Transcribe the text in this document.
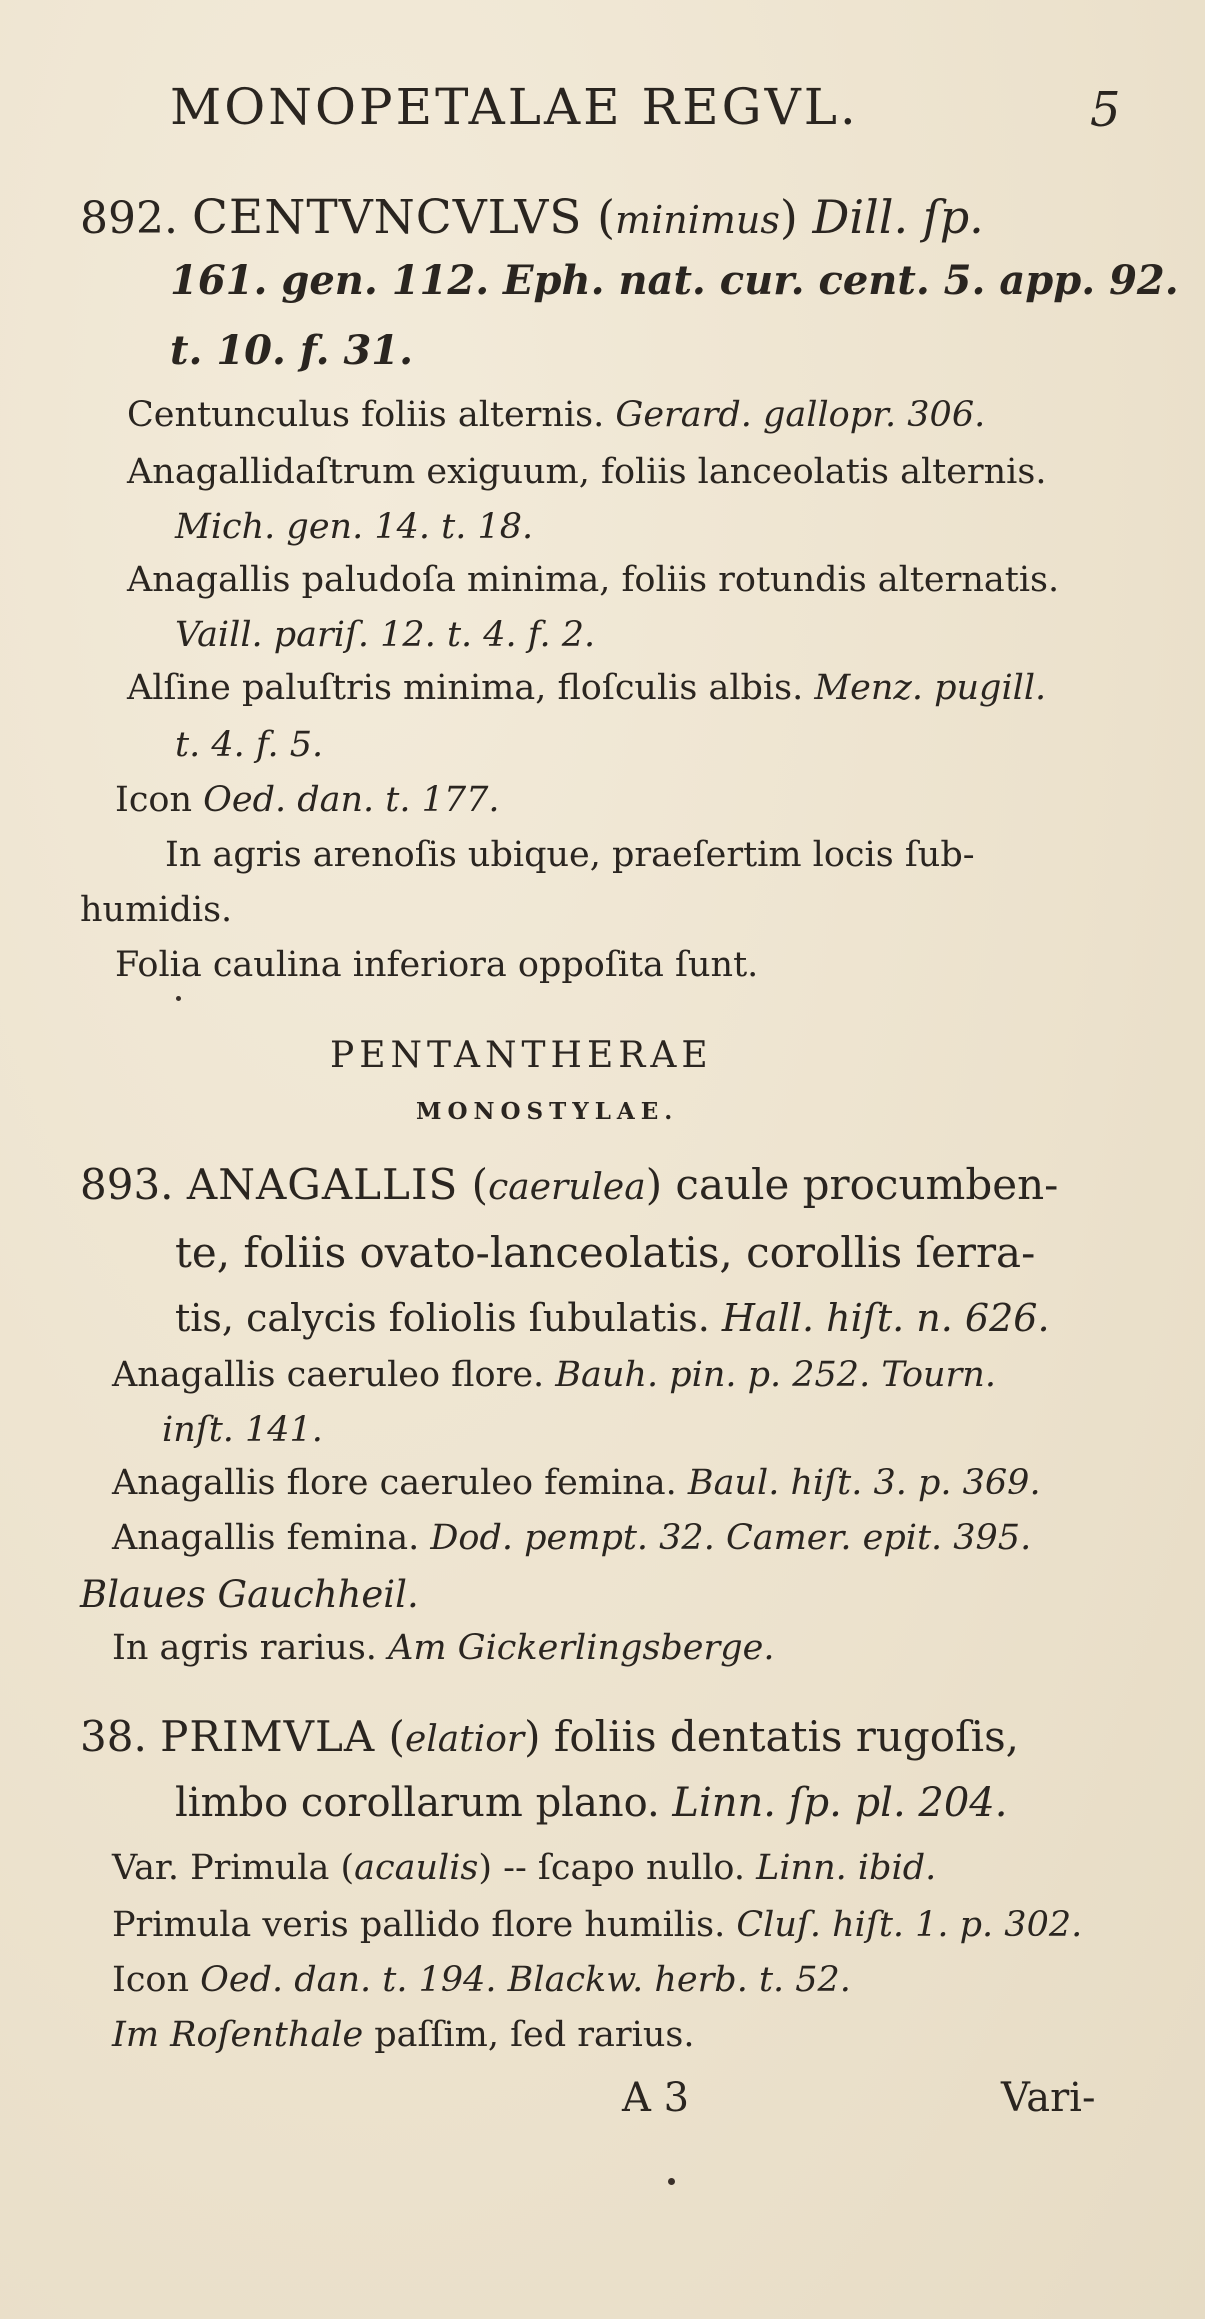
MONOPETALAE REGVL.	5
892. CENTVNCVLVS (minimus) Dill. ſp.
161. gen. 112. Eph. nat. cur. cent. 5. app. 92.
t. 10. f. 31.
Centunculus foliis alternis. Gerard. gallopr. 306.
Anagallidaſtrum exiguum, foliis lanceolatis alternis.
Mich. gen. 14. t. 18.
Anagallis paludoſa minima, foliis rotundis alternatis.
Vaill. pariſ. 12. t. 4. f. 2.
Alſine paluſtris minima, floſculis albis. Menz. pugill.
t. 4. f. 5.
Icon Oed. dan. t. 177.
In agris arenoſis ubique, praeſertim locis ſub-
humidis.
Folia caulina inferiora oppoſita ſunt.
PENTANTHERAE
MONOSTYLAE.
893. ANAGALLIS (caerulea) caule procumben-
te, foliis ovato-lanceolatis, corollis ſerra-
tis, calycis foliolis ſubulatis. Hall. hiſt. n. 626.
Anagallis caeruleo flore. Bauh. pin. p. 252. Tourn.
inſt. 141.
Anagallis flore caeruleo femina. Baul. hiſt. 3. p. 369.
Anagallis femina. Dod. pempt. 32. Camer. epit. 395.
Blaues Gauchheil.
In agris rarius. Am Gickerlingsberge.
38. PRIMVLA (elatior) foliis dentatis rugoſis,
limbo corollarum plano. Linn. ſp. pl. 204.
Var. Primula (acaulis) -- ſcapo nullo. Linn. ibid.
Primula veris pallido flore humilis. Cluſ. hiſt. 1. p. 302.
Icon Oed. dan. t. 194. Blackw. herb. t. 52.
Im Roſenthale paſſim, ſed rarius.
A 3	Vari-
